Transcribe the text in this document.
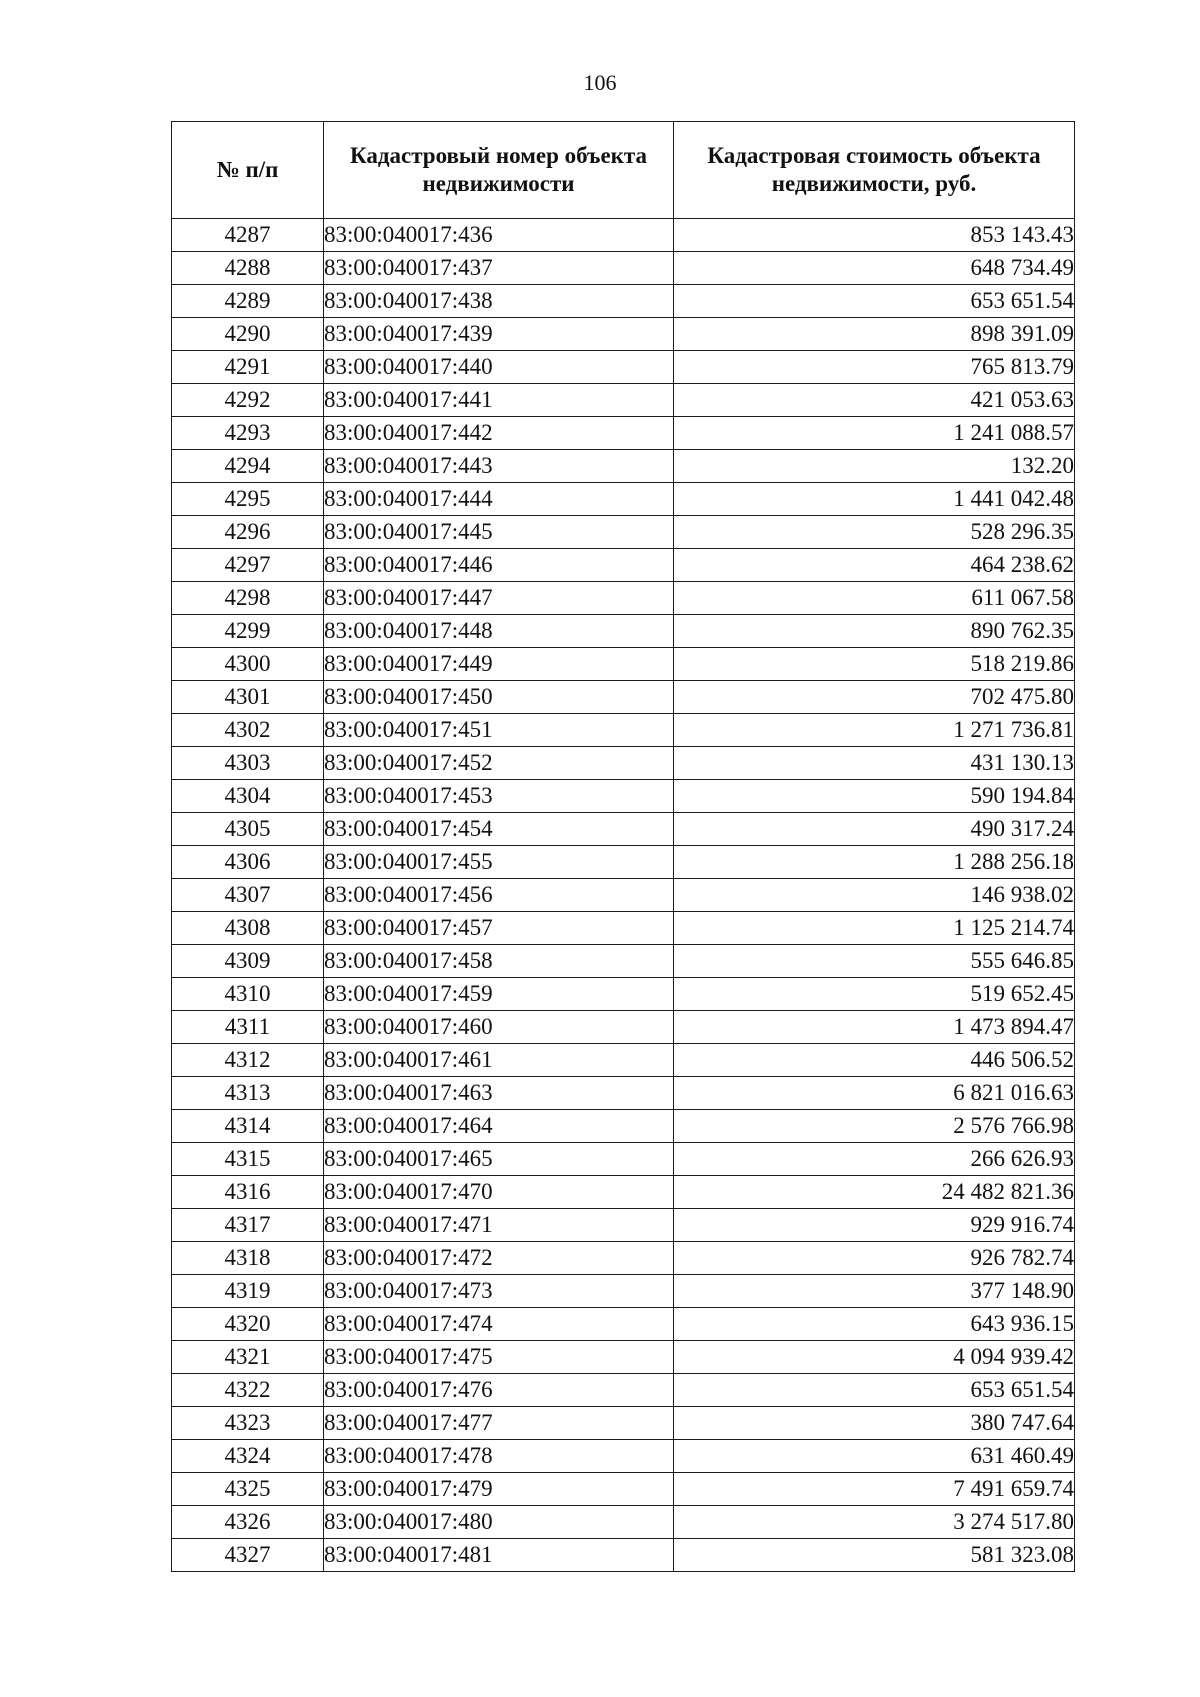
106
№ п/п	Кадастровый номер объекта недвижимости	Кадастровая стоимость объекта недвижимости, руб.
4287	83:00:040017:436	853 143.43
4288	83:00:040017:437	648 734.49
4289	83:00:040017:438	653 651.54
4290	83:00:040017:439	898 391.09
4291	83:00:040017:440	765 813.79
4292	83:00:040017:441	421 053.63
4293	83:00:040017:442	1 241 088.57
4294	83:00:040017:443	132.20
4295	83:00:040017:444	1 441 042.48
4296	83:00:040017:445	528 296.35
4297	83:00:040017:446	464 238.62
4298	83:00:040017:447	611 067.58
4299	83:00:040017:448	890 762.35
4300	83:00:040017:449	518 219.86
4301	83:00:040017:450	702 475.80
4302	83:00:040017:451	1 271 736.81
4303	83:00:040017:452	431 130.13
4304	83:00:040017:453	590 194.84
4305	83:00:040017:454	490 317.24
4306	83:00:040017:455	1 288 256.18
4307	83:00:040017:456	146 938.02
4308	83:00:040017:457	1 125 214.74
4309	83:00:040017:458	555 646.85
4310	83:00:040017:459	519 652.45
4311	83:00:040017:460	1 473 894.47
4312	83:00:040017:461	446 506.52
4313	83:00:040017:463	6 821 016.63
4314	83:00:040017:464	2 576 766.98
4315	83:00:040017:465	266 626.93
4316	83:00:040017:470	24 482 821.36
4317	83:00:040017:471	929 916.74
4318	83:00:040017:472	926 782.74
4319	83:00:040017:473	377 148.90
4320	83:00:040017:474	643 936.15
4321	83:00:040017:475	4 094 939.42
4322	83:00:040017:476	653 651.54
4323	83:00:040017:477	380 747.64
4324	83:00:040017:478	631 460.49
4325	83:00:040017:479	7 491 659.74
4326	83:00:040017:480	3 274 517.80
4327	83:00:040017:481	581 323.08
